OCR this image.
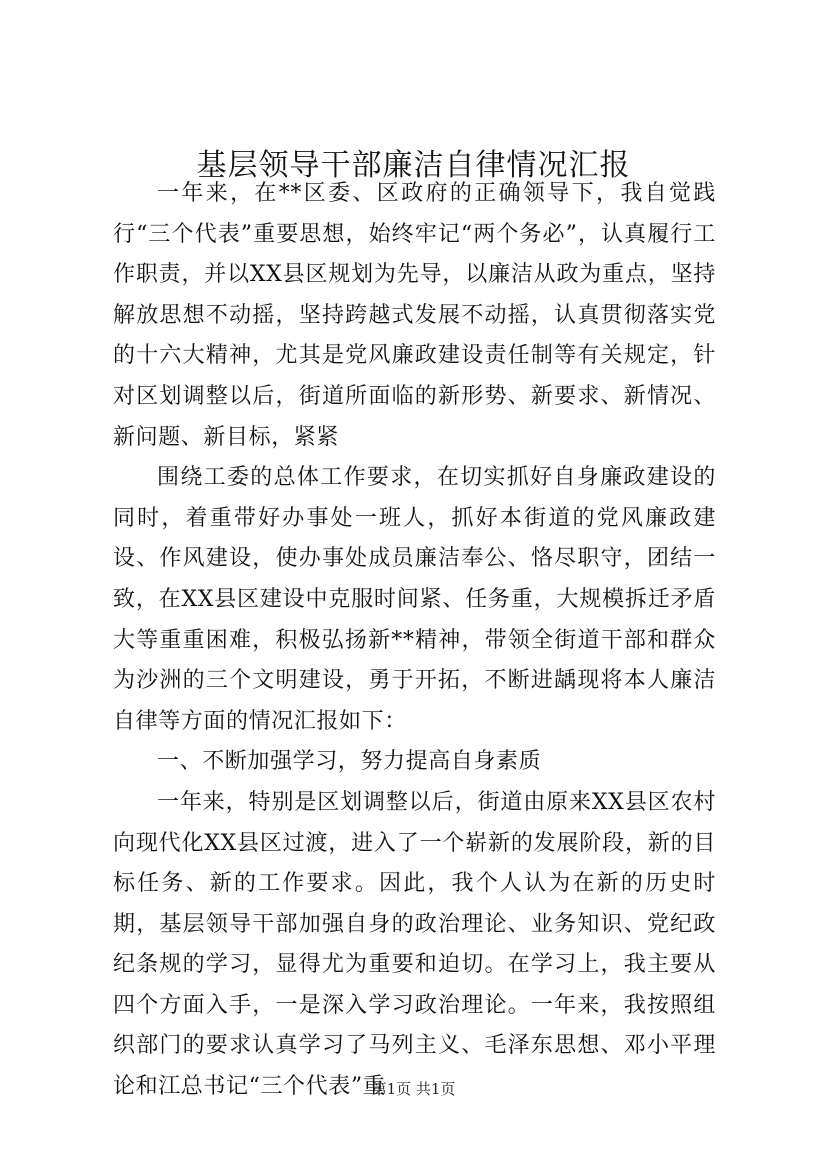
基层领导干部廉洁自律情况汇报

一年来，在**区委、区政府的正确领导下，我自觉践行“三个代表”重要思想，始终牢记“两个务必”，认真履行工作职责，并以XX县区规划为先导，以廉洁从政为重点，坚持解放思想不动摇，坚持跨越式发展不动摇，认真贯彻落实党的十六大精神，尤其是党风廉政建设责任制等有关规定，针对区划调整以后，街道所面临的新形势、新要求、新情况、新问题、新目标，紧紧

围绕工委的总体工作要求，在切实抓好自身廉政建设的同时，着重带好办事处一班人，抓好本街道的党风廉政建设、作风建设，使办事处成员廉洁奉公、恪尽职守，团结一致，在XX县区建设中克服时间紧、任务重，大规模拆迁矛盾大等重重困难，积极弘扬新**精神，带领全街道干部和群众为沙洲的三个文明建设，勇于开拓，不断进龋现将本人廉洁自律等方面的情况汇报如下：

一、不断加强学习，努力提高自身素质

一年来，特别是区划调整以后，街道由原来XX县区农村向现代化XX县区过渡，进入了一个崭新的发展阶段，新的目标任务、新的工作要求。因此，我个人认为在新的历史时期，基层领导干部加强自身的政治理论、业务知识、党纪政纪条规的学习，显得尤为重要和迫切。在学习上，我主要从四个方面入手，一是深入学习政治理论。一年来，我按照组织部门的要求认真学习了马列主义、毛泽东思想、邓小平理论和江总书记“三个代表”重

第1页 共1页
